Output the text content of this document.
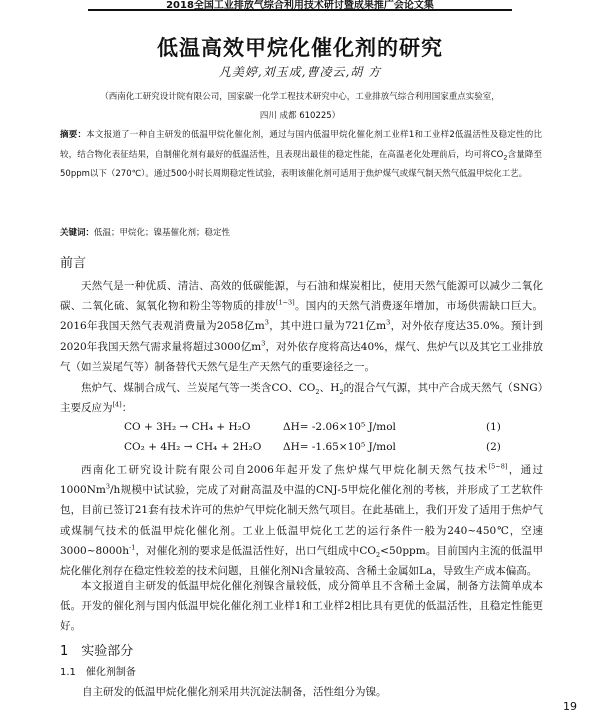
2018全国工业排放气综合利用技术研讨暨成果推广会论文集
低温高效甲烷化催化剂的研究
凡美婷,刘玉成,曹凌云,胡 方
（西南化工研究设计院有限公司，国家碳一化学工程技术研究中心，工业排放气综合利用国家重点实验室，
四川 成都 610225）
摘要：本文报道了一种自主研发的低温甲烷化催化剂，通过与国内低温甲烷化催化剂工业样1和工业样2低温活性及稳定性的比较，结合物化表征结果，自制催化剂有最好的低温活性，且表现出最佳的稳定性能，在高温老化处理前后，均可将$CO_2$含量降至50ppm以下（270℃）。通过500小时长周期稳定性试验，表明该催化剂可适用于焦炉煤气或煤气制天然气低温甲烷化工艺。
关键词：低温；甲烷化；镍基催化剂；稳定性
前言

天然气是一种优质、清洁、高效的低碳能源，与石油和煤炭相比，使用天然气能源可以减少二氧化碳、二氧化硫、氮氧化物和粉尘等物质的排放[1~3]。国内的天然气消费逐年增加，市场供需缺口巨大。2016年我国天然气表观消费量为2058亿$m^3$，其中进口量为721亿$m^3$，对外依存度达35.0%。预计到2020年我国天然气需求量将超过3000亿$m^3$，对外依存度将高达40%，煤气、焦炉气以及其它工业排放气（如兰炭尾气等）制备替代天然气是生产天然气的重要途径之一。

焦炉气、煤制合成气、兰炭尾气等一类含CO、$CO_2$、$H_2$的混合气气源，其中产合成天然气（SNG）主要反应为[4]：

CO + 3H₂ → CH₄ + H₂O	ΔH= -2.06×10⁵ J/mol	(1)
CO₂ + 4H₂ → CH₄ + 2H₂O ΔH= -1.65×10⁵ J/mol	(2)

西南化工研究设计院有限公司自2006年起开发了焦炉煤气甲烷化制天然气技术[5~8]，通过1000Nm$^3$/h规模中试试验，完成了对耐高温及中温的CNJ-5甲烷化催化剂的考核，并形成了工艺软件包，目前已签订21套有技术许可的焦炉气甲烷化制天然气项目。在此基础上，我们开发了适用于焦炉气或煤制气技术的低温甲烷化催化剂。工业上低温甲烷化工艺的运行条件一般为240~450℃，空速$3000\sim 8000h^{-1}$，对催化剂的要求是低温活性好，出口气组成中$CO_2<50ppm$。目前国内主流的低温甲烷化催化剂存在稳定性较差的技术问题，且催化剂Ni含量较高、含稀土金属如La，导致生产成本偏高。

本文报道自主研发的低温甲烷化催化剂镍含量较低，成分简单且不含稀土金属，制备方法简单成本低。开发的催化剂与国内低温甲烷化催化剂工业样1和工业样2相比具有更优的低温活性，且稳定性能更好。

1　实验部分
1.1　催化剂制备
自主研发的低温甲烷化催化剂采用共沉淀法制备，活性组分为镍。
19
